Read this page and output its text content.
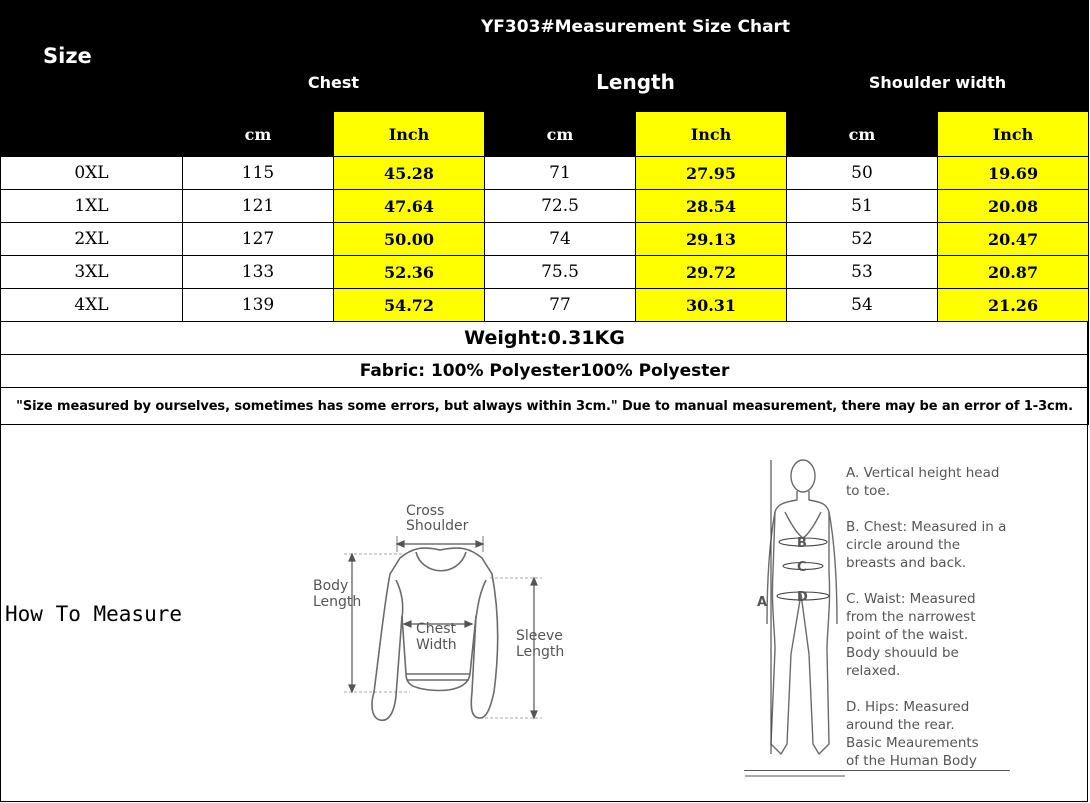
Size	YF303#Measurement Size Chart					
	Chest		Length		Shoulder width	
	cm	Inch	cm	Inch	cm	Inch
0XL	115	45.28	71	27.95	50	19.69
1XL	121	47.64	72.5	28.54	51	20.08
2XL	127	50.00	74	29.13	52	20.47
3XL	133	52.36	75.5	29.72	53	20.87
4XL	139	54.72	77	30.31	54	21.26
Weight:0.31KG						
Fabric: 100% Polyester100% Polyester						
"Size measured by ourselves, sometimes has some errors, but always within 3cm." Due to manual measurement, there may be an error of 1-3cm.						
How To Measure
Cross
Shoulder
Body
Length
Chest
Width
Sleeve
Length
B
C
D
A
A. Vertical height head
to toe.
B. Chest: Measured in a
circle around the
breasts and back.
C. Waist: Measured
from the narrowest
point of the waist.
Body shouuld be
relaxed.
D. Hips: Measured
around the rear.
Basic Meaurements
of the Human Body
